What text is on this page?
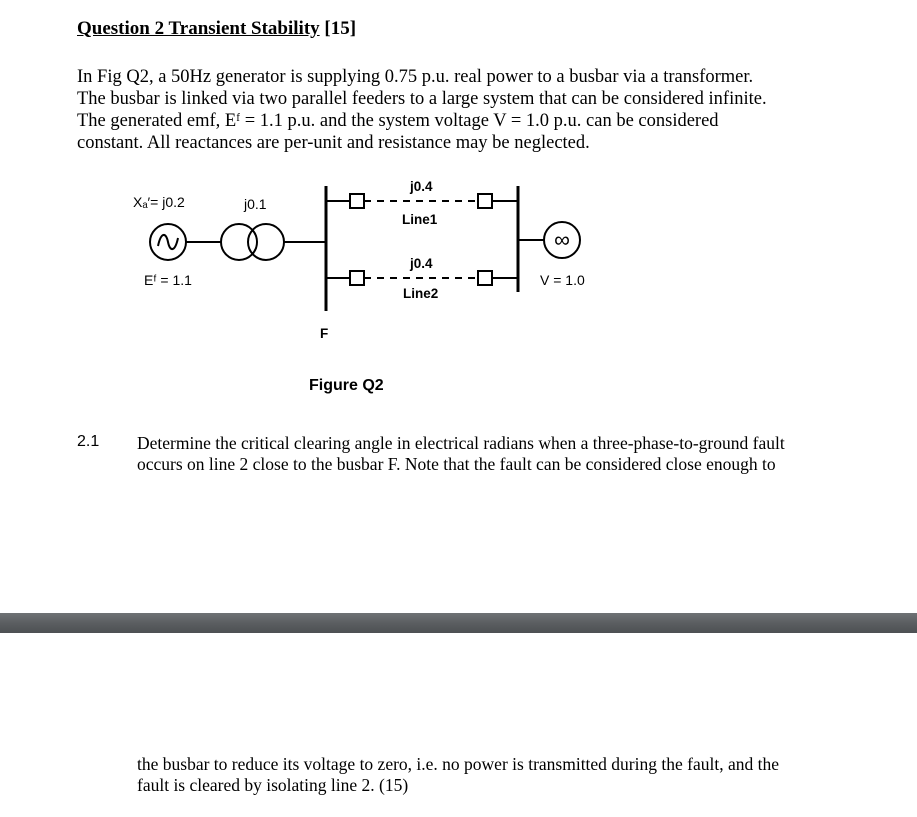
Question 2 Transient Stability [15]
In Fig Q2, a 50Hz generator is supplying 0.75 p.u. real power to a busbar via a transformer.
The busbar is linked via two parallel feeders to a large system that can be considered infinite.
The generated emf, Eᶠ = 1.1 p.u. and the system voltage V = 1.0 p.u. can be considered
constant. All reactances are per-unit and resistance may be neglected.
Xₐ′= j0.2	j0.1
Eᶠ = 1.1
j0.4
Line1
j0.4
Line2
F
∞
V = 1.0
Figure Q2
2.1 Determine the critical clearing angle in electrical radians when a three-phase-to-ground fault
occurs on line 2 close to the busbar F. Note that the fault can be considered close enough to
the busbar to reduce its voltage to zero, i.e. no power is transmitted during the fault, and the
fault is cleared by isolating line 2. (15)
